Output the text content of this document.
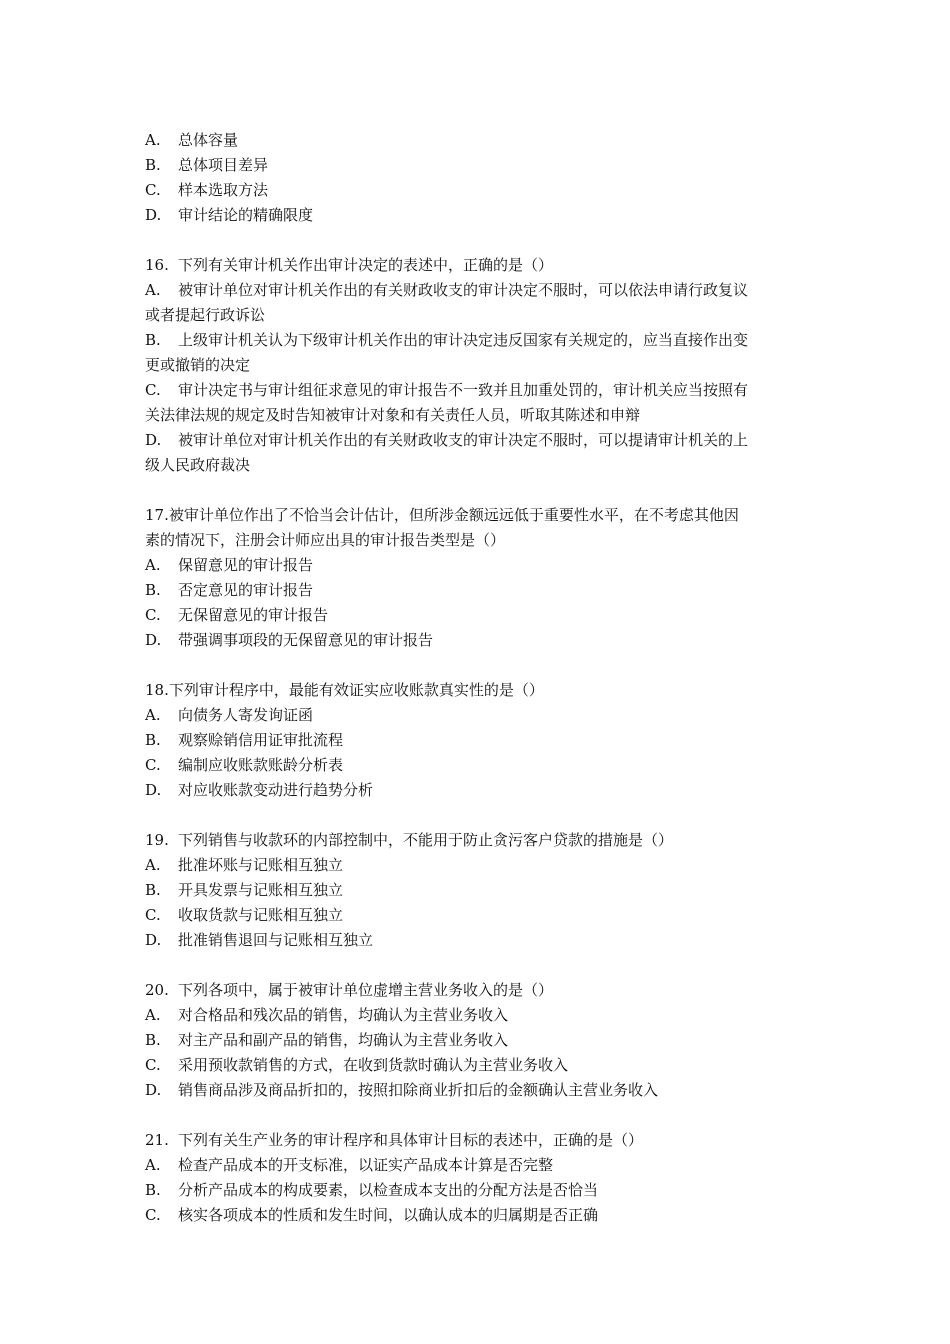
A.	总体容量
B.	总体项目差异
C.	样本选取方法
D.	审计结论的精确限度
16. 下列有关审计机关作出审计决定的表述中，正确的是（）
A. 被审计单位对审计机关作出的有关财政收支的审计决定不服时，可以依法申请行政复议
或者提起行政诉讼
B. 上级审计机关认为下级审计机关作出的审计决定违反国家有关规定的，应当直接作出变
更或撤销的决定
C. 审计决定书与审计组征求意见的审计报告不一致并且加重处罚的，审计机关应当按照有
关法律法规的规定及时告知被审计对象和有关责任人员，听取其陈述和申辩
D. 被审计单位对审计机关作出的有关财政收支的审计决定不服时，可以提请审计机关的上
级人民政府裁决
17.被审计单位作出了不恰当会计估计，但所涉金额远远低于重要性水平，在不考虑其他因
素的情况下，注册会计师应出具的审计报告类型是（）
A.	保留意见的审计报告
B.	否定意见的审计报告
C.	无保留意见的审计报告
D.	带强调事项段的无保留意见的审计报告
18.下列审计程序中，最能有效证实应收账款真实性的是（）
A.	向债务人寄发询证函
B.	观察赊销信用证审批流程
C.	编制应收账款账龄分析表
D.	对应收账款变动进行趋势分析
19. 下列销售与收款环的内部控制中，不能用于防止贪污客户贷款的措施是（）
A.	批准坏账与记账相互独立
B.	开具发票与记账相互独立
C.	收取货款与记账相互独立
D.	批准销售退回与记账相互独立
20. 下列各项中，属于被审计单位虚增主营业务收入的是（）
A.	对合格品和残次品的销售，均确认为主营业务收入
B.	对主产品和副产品的销售，均确认为主营业务收入
C.	采用预收款销售的方式，在收到货款时确认为主营业务收入
D.	销售商品涉及商品折扣的，按照扣除商业折扣后的金额确认主营业务收入
21. 下列有关生产业务的审计程序和具体审计目标的表述中，正确的是（）
A.	检查产品成本的开支标准，以证实产品成本计算是否完整
B.	分析产品成本的构成要素，以检查成本支出的分配方法是否恰当
C.	核实各项成本的性质和发生时间，以确认成本的归属期是否正确
